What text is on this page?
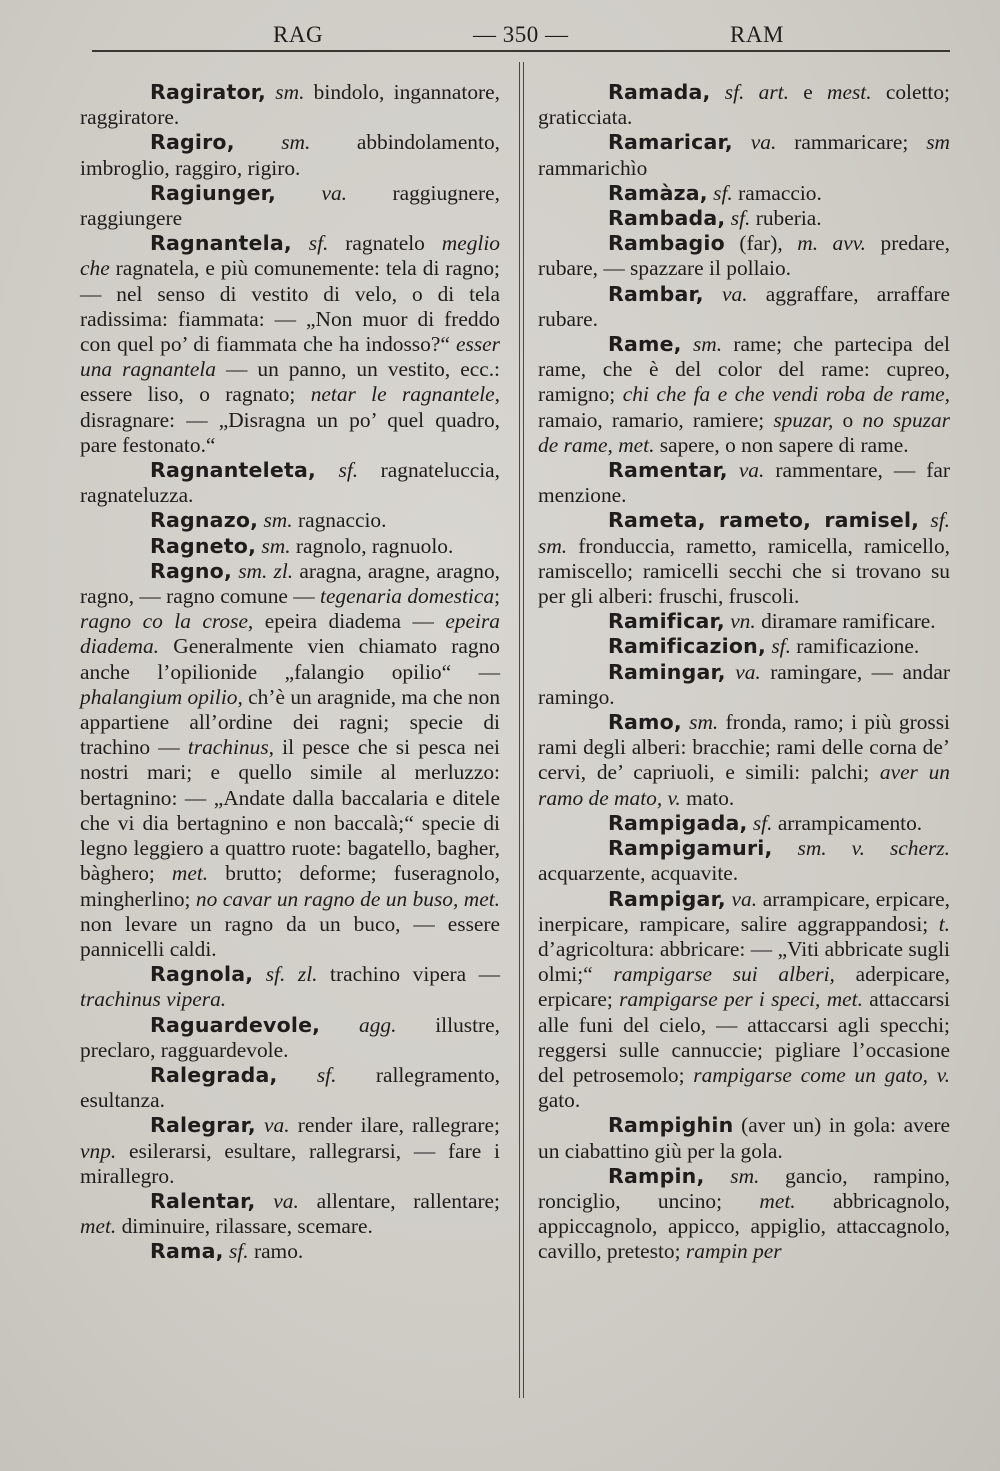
RAG	— 350 —	RAM

Ragirator, sm. bindolo, ingannatore, raggiratore.

Ragiro, sm. abbindolamento, imbroglio, raggiro, rigiro.

Ragiunger, va. raggiugnere, raggiungere

Ragnantela, sf. ragnatelo meglio che ragnatela, e più comunemente: tela di ragno; — nel senso di vestito di velo, o di tela radissima: fiammata: — „Non muor di freddo con quel po’ di fiammata che ha indosso?“ esser una ragnantela — un panno, un vestito, ecc.: essere liso, o ragnato; netar le ragnantele, disragnare: — „Disragna un po’ quel quadro, pare festonato.“

Ragnanteleta, sf. ragnateluccia, ragnateluzza.

Ragnazo, sm. ragnaccio.

Ragneto, sm. ragnolo, ragnuolo.

Ragno, sm. zl. aragna, aragne, aragno, ragno, — ragno comune — tegenaria domestica; ragno co la crose, epeira diadema — epeira diadema. Generalmente vien chiamato ragno anche l’opilionide „falangio opilio“ — phalangium opilio, ch’è un aragnide, ma che non appartiene all’ordine dei ragni; specie di trachino — trachinus, il pesce che si pesca nei nostri mari; e quello simile al merluzzo: bertagnino: — „Andate dalla baccalaria e ditele che vi dia bertagnino e non baccalà;“ specie di legno leggiero a quattro ruote: bagatello, bagher, bàghero; met. brutto; deforme; fuseragnolo, mingherlino; no cavar un ragno de un buso, met. non levare un ragno da un buco, — essere pannicelli caldi.

Ragnola, sf. zl. trachino vipera — trachinus vipera.

Raguardevole, agg. illustre, preclaro, ragguardevole.

Ralegrada, sf. rallegramento, esultanza.

Ralegrar, va. render ilare, rallegrare; vnp. esilerarsi, esultare, rallegrarsi, — fare i mirallegro.

Ralentar, va. allentare, rallentare; met. diminuire, rilassare, scemare.

Rama, sf. ramo.

Ramada, sf. art. e mest. coletto; graticciata.

Ramaricar, va. rammaricare; sm rammarichìo

Ramàza, sf. ramaccio.

Rambada, sf. ruberia.

Rambagio (far), m. avv. predare, rubare, — spazzare il pollaio.

Rambar, va. aggraffare, arraffare rubare.

Rame, sm. rame; che partecipa del rame, che è del color del rame: cupreo, ramigno; chi che fa e che vendi roba de rame, ramaio, ramario, ramiere; spuzar, o no spuzar de rame, met. sapere, o non sapere di rame.

Ramentar, va. rammentare, — far menzione.

Rameta, rameto, ramisel, sf. sm. fronduccia, rametto, ramicella, ramicello, ramiscello; ramicelli secchi che si trovano su per gli alberi: fruschi, fruscoli.

Ramificar, vn. diramare ramificare.

Ramificazion, sf. ramificazione.

Ramingar, va. ramingare, — andar ramingo.

Ramo, sm. fronda, ramo; i più grossi rami degli alberi: bracchie; rami delle corna de’ cervi, de’ capriuoli, e simili: palchi; aver un ramo de mato, v. mato.

Rampigada, sf. arrampicamento.

Rampigamuri, sm. v. scherz. acquarzente, acquavite.

Rampigar, va. arrampicare, erpicare, inerpicare, rampicare, salire aggrappandosi; t. d’agricoltura: abbricare: — „Viti abbricate sugli olmi;“ rampigarse sui alberi, aderpicare, erpicare; rampigarse per i speci, met. attaccarsi alle funi del cielo, — attaccarsi agli specchi; reggersi sulle cannuccie; pigliare l’occasione del petrosemolo; rampigarse come un gato, v. gato.

Rampighin (aver un) in gola: avere un ciabattino giù per la gola.

Rampin, sm. gancio, rampino, ronciglio, uncino; met. abbricagnolo, appiccagnolo, appicco, appiglio, attaccagnolo, cavillo, pretesto; rampin per
